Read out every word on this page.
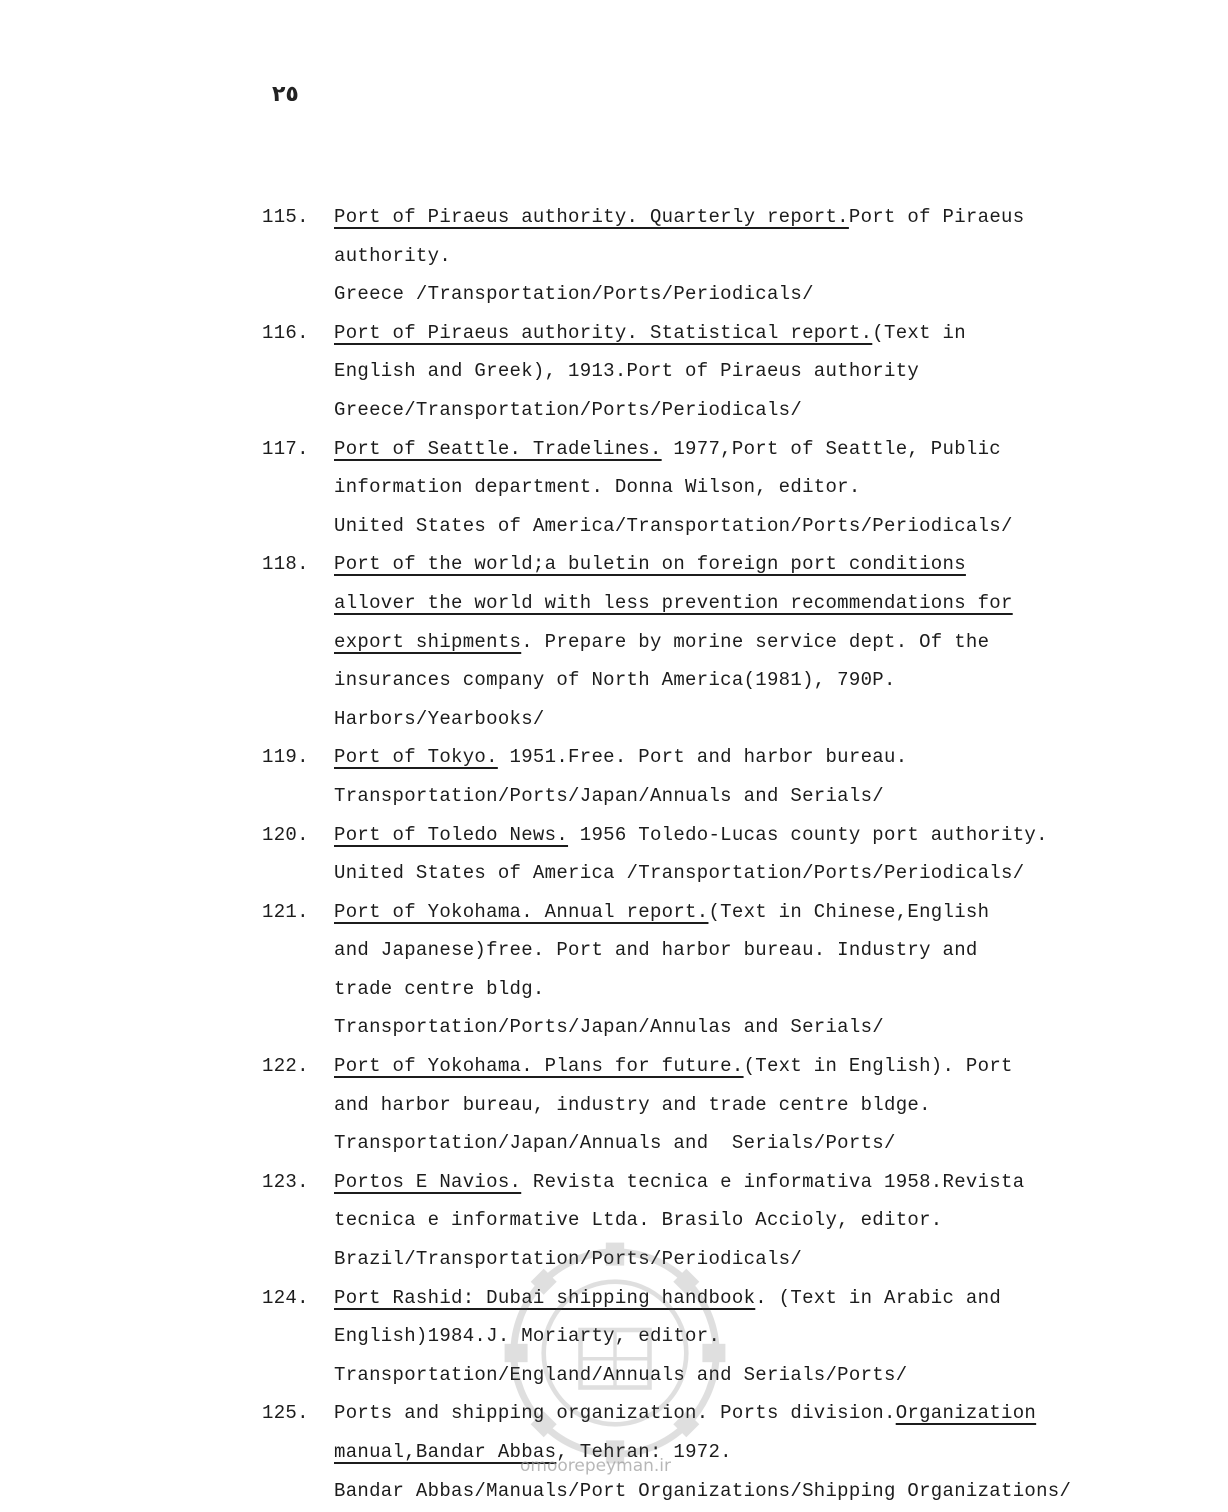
٢٥
115. Port of Piraeus authority. Quarterly report.Port of Piraeus
authority.
Greece /Transportation/Ports/Periodicals/
116. Port of Piraeus authority. Statistical report.(Text in
English and Greek), 1913.Port of Piraeus authority
Greece/Transportation/Ports/Periodicals/
117. Port of Seattle. Tradelines. 1977,Port of Seattle, Public
information department. Donna Wilson, editor.
United States of America/Transportation/Ports/Periodicals/
118. Port of the world;a buletin on foreign port conditions
allover the world with less prevention recommendations for
export shipments. Prepare by morine service dept. Of the
insurances company of North America(1981), 790P.
Harbors/Yearbooks/
119. Port of Tokyo. 1951.Free. Port and harbor bureau.
Transportation/Ports/Japan/Annuals and Serials/
120. Port of Toledo News. 1956 Toledo-Lucas county port authority.
United States of America /Transportation/Ports/Periodicals/
121. Port of Yokohama. Annual report.(Text in Chinese,English
and Japanese)free. Port and harbor bureau. Industry and
trade centre bldg.
Transportation/Ports/Japan/Annulas and Serials/
122. Port of Yokohama. Plans for future.(Text in English). Port
and harbor bureau, industry and trade centre bldge.
Transportation/Japan/Annuals and  Serials/Ports/
123. Portos E Navios. Revista tecnica e informativa 1958.Revista
tecnica e informative Ltda. Brasilo Accioly, editor.
Brazil/Transportation/Ports/Periodicals/
124. Port Rashid: Dubai shipping handbook. (Text in Arabic and
English)1984.J. Moriarty, editor.
Transportation/England/Annuals and Serials/Ports/
125. Ports and shipping organization. Ports division.Organization
manual,Bandar Abbas, Tehran: 1972.
Bandar Abbas/Manuals/Port Organizations/Shipping Organizations/
omoorepeyman.ir
